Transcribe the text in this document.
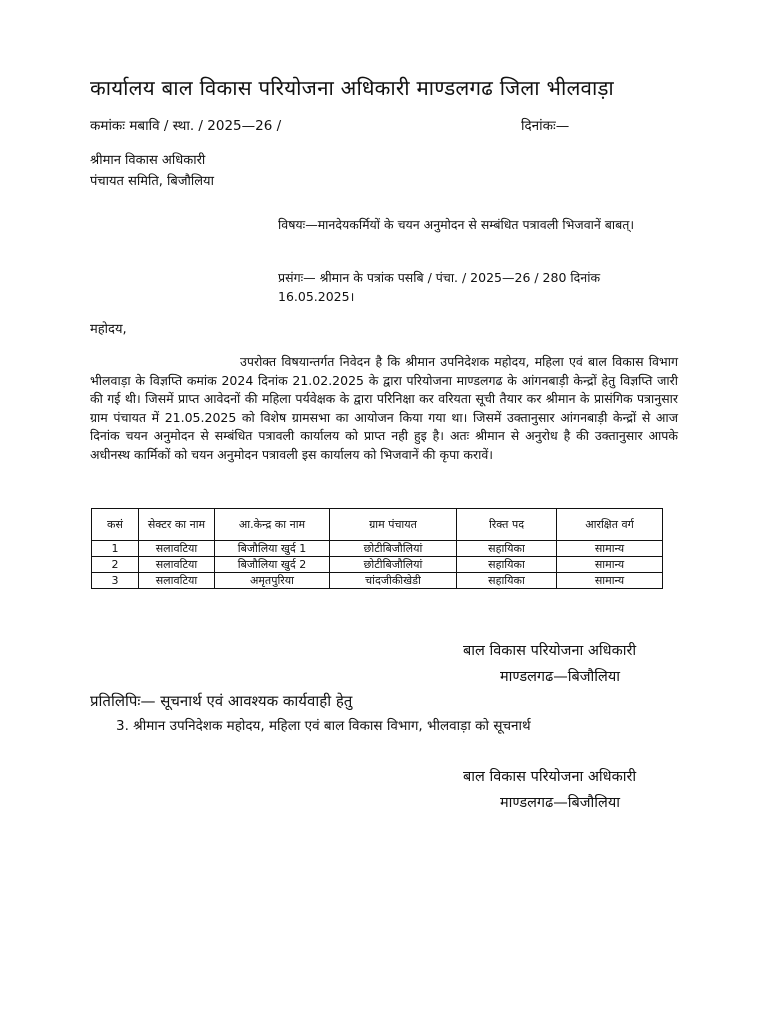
कार्यालय बाल विकास परियोजना अधिकारी माण्डलगढ जिला भीलवाड़ा
कमांकः मबावि / स्था. / 2025—26 /	दिनांकः—
श्रीमान विकास अधिकारी
पंचायत समिति, बिजौलिया
विषयः—मानदेयकर्मियों के चयन अनुमोदन से सम्बंधित पत्रावली भिजवानें बाबत्।
प्रसंगः— श्रीमान के पत्रांक पसबि / पंचा. / 2025—26 / 280 दिनांक 16.05.2025।
महोदय,

उपरोक्त विषयान्तर्गत निवेदन है कि श्रीमान उपनिदेशक महोदय, महिला एवं बाल विकास विभाग भीलवाड़ा के विज्ञप्ति कमांक 2024 दिनांक 21.02.2025 के द्वारा परियोजना माण्डलगढ के आंगनबाड़ी केन्द्रों हेतु विज्ञप्ति जारी की गई थी। जिसमें प्राप्त आवेदनों की महिला पर्यवेक्षक के द्वारा परिनिक्षा कर वरियता सूची तैयार कर श्रीमान के प्रासंगिक पत्रानुसार ग्राम पंचायत में 21.05.2025 को विशेष ग्रामसभा का आयोजन किया गया था। जिसमें उक्तानुसार आंगनबाड़ी केन्द्रों से आज दिनांक चयन अनुमोदन से सम्बंधित पत्रावली कार्यालय को प्राप्त नही हुइ है। अतः श्रीमान से अनुरोध है की उक्तानुसार आपके अधीनस्थ कार्मिकों को चयन अनुमोदन पत्रावली इस कार्यालय को भिजवानें की कृपा करावें।

कसं	सेक्टर का नाम	आ.केन्द्र का नाम	ग्राम पंचायत	रिक्त पद	आरक्षित वर्ग
1	सलावटिया	बिजौलिया खुर्द 1	छोटीबिजौलियां	सहायिका	सामान्य
2	सलावटिया	बिजौलिया खुर्द 2	छोटीबिजौलियां	सहायिका	सामान्य
3	सलावटिया	अमृतपुरिया	चांदजीकीखेडी	सहायिका	सामान्य
बाल विकास परियोजना अधिकारी
माण्डलगढ—बिजौलिया
प्रतिलिपिः— सूचनार्थ एवं आवश्यक कार्यवाही हेतु
3. श्रीमान उपनिदेशक महोदय, महिला एवं बाल विकास विभाग, भीलवाड़ा को सूचनार्थ
बाल विकास परियोजना अधिकारी
माण्डलगढ—बिजौलिया
